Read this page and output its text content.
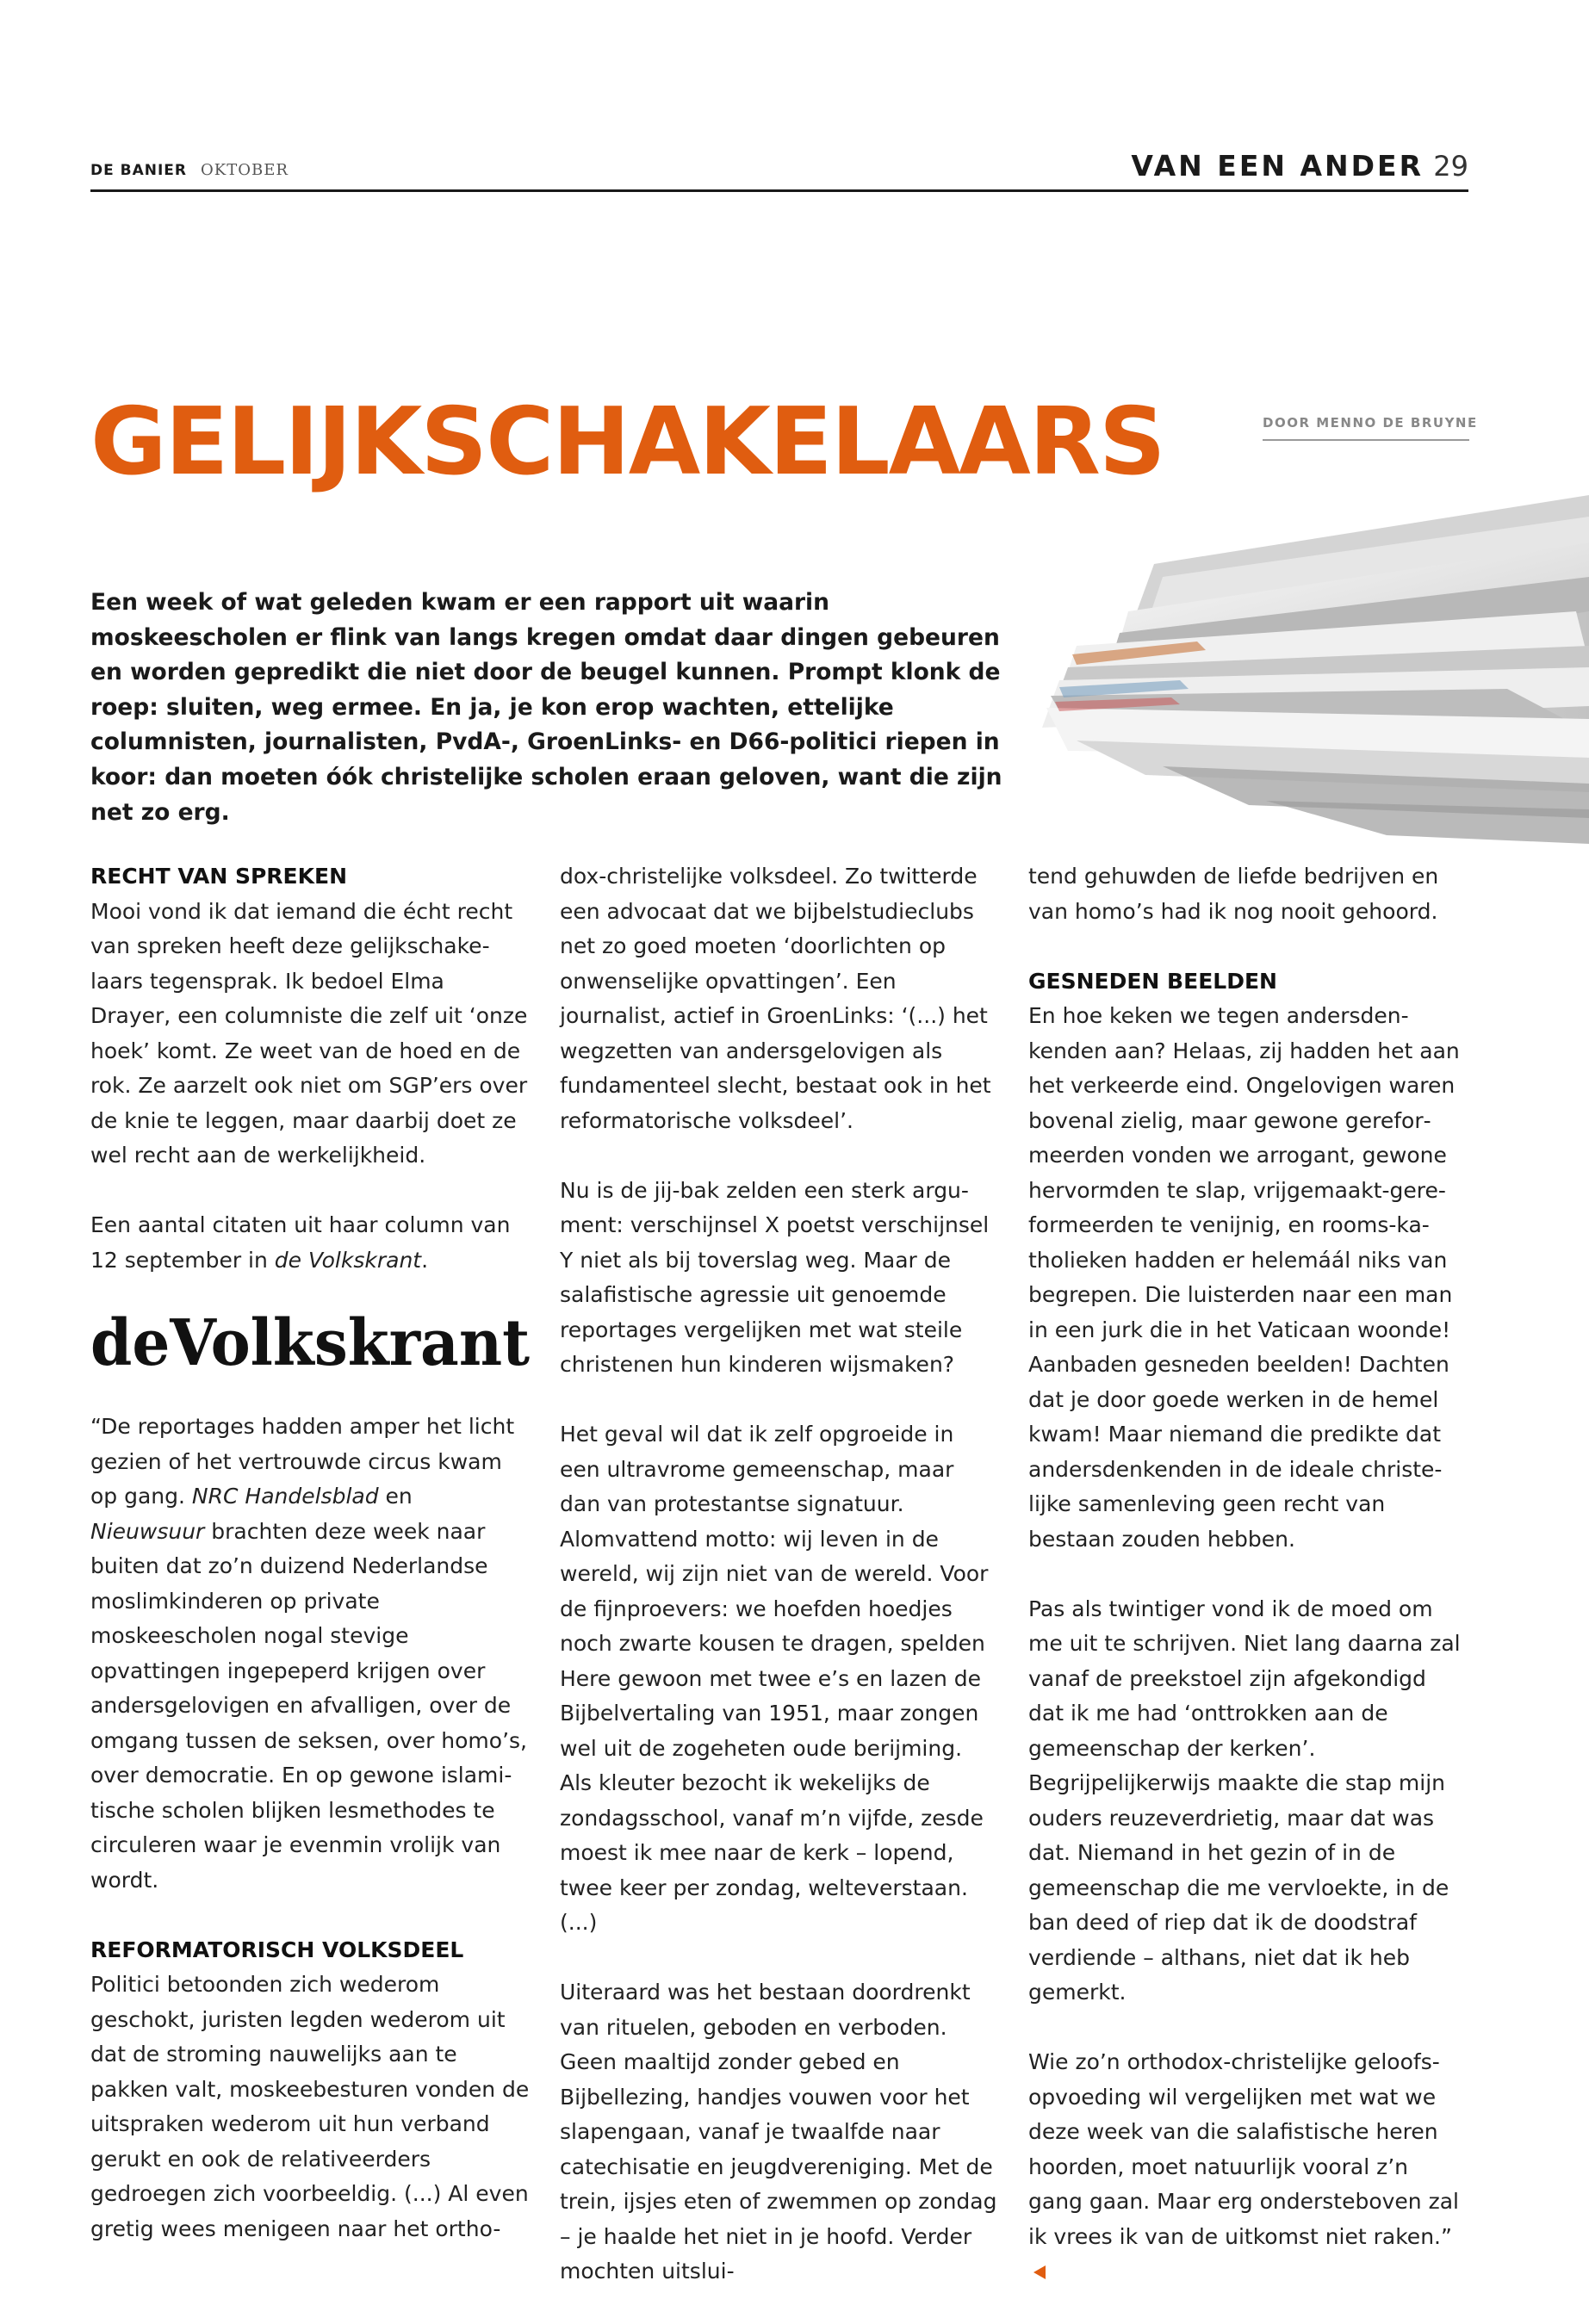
DE BANIER OKTOBER	VAN EEN ANDER 29
GELIJKSCHAKELAARS	DOOR MENNO DE BRUYNE

Een week of wat geleden kwam er een rapport uit waarin moskeescholen er flink van langs kregen omdat daar dingen gebeuren en worden gepredikt die niet door de beugel kunnen. Prompt klonk de roep: sluiten, weg ermee. En ja, je kon erop wachten, ettelijke columnisten, journalisten, PvdA-, GroenLinks- en D66-politici riepen in koor: dan moeten óók christelijke scholen eraan geloven, want die zijn net zo erg.

RECHT VAN SPREKEN

Mooi vond ik dat iemand die écht recht van spreken heeft deze gelijkschakelaars tegensprak. Ik bedoel Elma Drayer, een columniste die zelf uit ‘onze hoek’ komt. Ze weet van de hoed en de rok. Ze aarzelt ook niet om SGP’ers over de knie te leggen, maar daarbij doet ze wel recht aan de werkelijkheid.

Een aantal citaten uit haar column van 12 september in de Volkskrant.

deVolkskrant

“De reportages hadden amper het licht gezien of het vertrouwde circus kwam op gang. NRC Handelsblad en Nieuwsuur brachten deze week naar buiten dat zo’n duizend Nederlandse moslimkinderen op private moskeescholen nogal stevige opvattingen ingepeperd krijgen over andersgelovigen en afvalligen, over de omgang tussen de seksen, over homo’s, over democratie. En op gewone islamitische scholen blijken lesmethodes te circuleren waar je evenmin vrolijk van wordt.

REFORMATORISCH VOLKSDEEL

Politici betoonden zich wederom geschokt, juristen legden wederom uit dat de stroming nauwelijks aan te pakken valt, moskeebesturen vonden de uitspraken wederom uit hun verband gerukt en ook de relativeerders gedroegen zich voorbeeldig. (...) Al even gretig wees menigeen naar het ortho-

dox-christelijke volksdeel. Zo twitterde een advocaat dat we bijbelstudieclubs net zo goed moeten ‘doorlichten op onwenselijke opvattingen’. Een journalist, actief in GroenLinks: ‘(...) het wegzetten van andersgelovigen als fundamenteel slecht, bestaat ook in het reformatorische volksdeel’.

Nu is de jij-bak zelden een sterk argument: verschijnsel X poetst verschijnsel Y niet als bij toverslag weg. Maar de salafistische agressie uit genoemde reportages vergelijken met wat steile christenen hun kinderen wijsmaken?

Het geval wil dat ik zelf opgroeide in een ultravrome gemeenschap, maar dan van protestantse signatuur. Alomvattend motto: wij leven in de wereld, wij zijn niet van de wereld. Voor de fijnproevers: we hoefden hoedjes noch zwarte kousen te dragen, spelden Here gewoon met twee e’s en lazen de Bijbelvertaling van 1951, maar zongen wel uit de zogeheten oude berijming. Als kleuter bezocht ik wekelijks de zondagsschool, vanaf m’n vijfde, zesde moest ik mee naar de kerk – lopend, twee keer per zondag, welteverstaan. (...)

Uiteraard was het bestaan doordrenkt van rituelen, geboden en verboden. Geen maaltijd zonder gebed en Bijbellezing, handjes vouwen voor het slapengaan, vanaf je twaalfde naar catechisatie en jeugdvereniging. Met de trein, ijsjes eten of zwemmen op zondag – je haalde het niet in je hoofd. Verder mochten uitslui-

tend gehuwden de liefde bedrijven en van homo’s had ik nog nooit gehoord.

GESNEDEN BEELDEN

En hoe keken we tegen andersdenkenden aan? Helaas, zij hadden het aan het verkeerde eind. Ongelovigen waren bovenal zielig, maar gewone gereformeerden vonden we arrogant, gewone hervormden te slap, vrijgemaakt-gereformeerden te venijnig, en rooms-katholieken hadden er helemáál niks van begrepen. Die luisterden naar een man in een jurk die in het Vaticaan woonde! Aanbaden gesneden beelden! Dachten dat je door goede werken in de hemel kwam! Maar niemand die predikte dat andersdenkenden in de ideale christelijke samenleving geen recht van bestaan zouden hebben.

Pas als twintiger vond ik de moed om me uit te schrijven. Niet lang daarna zal vanaf de preekstoel zijn afgekondigd dat ik me had ‘onttrokken aan de gemeenschap der kerken’. Begrijpelijkerwijs maakte die stap mijn ouders reuzeverdrietig, maar dat was dat. Niemand in het gezin of in de gemeenschap die me vervloekte, in de ban deed of riep dat ik de doodstraf verdiende – althans, niet dat ik heb gemerkt.

Wie zo’n orthodox-christelijke geloofsopvoeding wil vergelijken met wat we deze week van die salafistische heren hoorden, moet natuurlijk vooral z’n gang gaan. Maar erg ondersteboven zal ik vrees ik van de uitkomst niet raken.”
